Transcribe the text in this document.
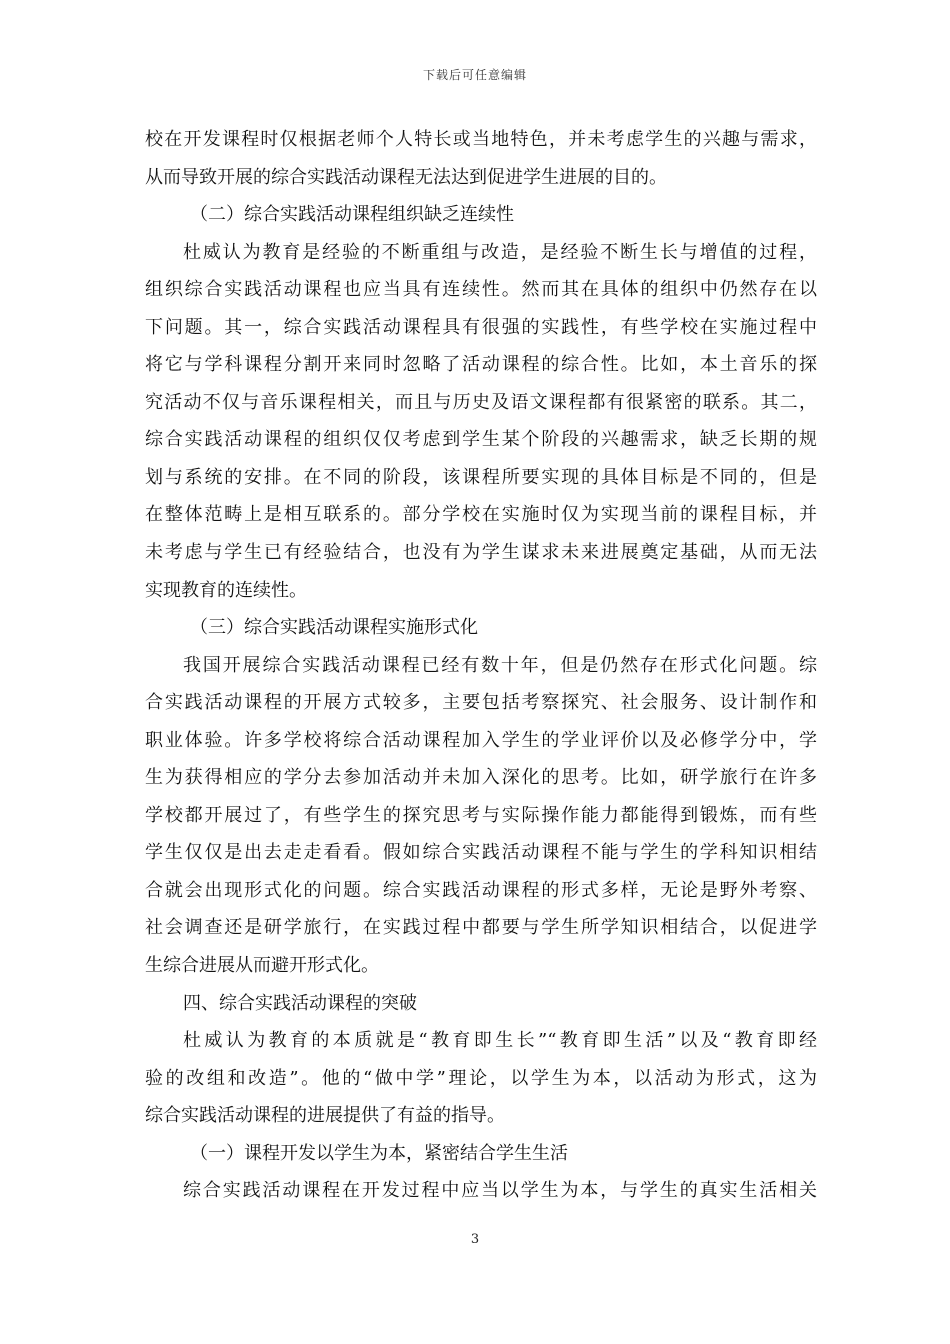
下载后可任意编辑
校在开发课程时仅根据老师个人特长或当地特色，并未考虑学生的兴趣与需求，
从而导致开展的综合实践活动课程无法达到促进学生进展的目的。
（二）综合实践活动课程组织缺乏连续性
杜威认为教育是经验的不断重组与改造，是经验不断生长与增值的过程，
组织综合实践活动课程也应当具有连续性。然而其在具体的组织中仍然存在以
下问题。其一，综合实践活动课程具有很强的实践性，有些学校在实施过程中
将它与学科课程分割开来同时忽略了活动课程的综合性。比如，本土音乐的探
究活动不仅与音乐课程相关，而且与历史及语文课程都有很紧密的联系。其二，
综合实践活动课程的组织仅仅考虑到学生某个阶段的兴趣需求，缺乏长期的规
划与系统的安排。在不同的阶段，该课程所要实现的具体目标是不同的，但是
在整体范畴上是相互联系的。部分学校在实施时仅为实现当前的课程目标，并
未考虑与学生已有经验结合，也没有为学生谋求未来进展奠定基础，从而无法
实现教育的连续性。
（三）综合实践活动课程实施形式化
我国开展综合实践活动课程已经有数十年，但是仍然存在形式化问题。综
合实践活动课程的开展方式较多，主要包括考察探究、社会服务、设计制作和
职业体验。许多学校将综合活动课程加入学生的学业评价以及必修学分中，学
生为获得相应的学分去参加活动并未加入深化的思考。比如，研学旅行在许多
学校都开展过了，有些学生的探究思考与实际操作能力都能得到锻炼，而有些
学生仅仅是出去走走看看。假如综合实践活动课程不能与学生的学科知识相结
合就会出现形式化的问题。综合实践活动课程的形式多样，无论是野外考察、
社会调查还是研学旅行，在实践过程中都要与学生所学知识相结合，以促进学
生综合进展从而避开形式化。
四、综合实践活动课程的突破
杜威认为教育的本质就是“教育即生长”“教育即生活”以及“教育即经
验的改组和改造”。他的“做中学”理论，以学生为本，以活动为形式，这为
综合实践活动课程的进展提供了有益的指导。
（一）课程开发以学生为本，紧密结合学生生活
综合实践活动课程在开发过程中应当以学生为本，与学生的真实生活相关
3
